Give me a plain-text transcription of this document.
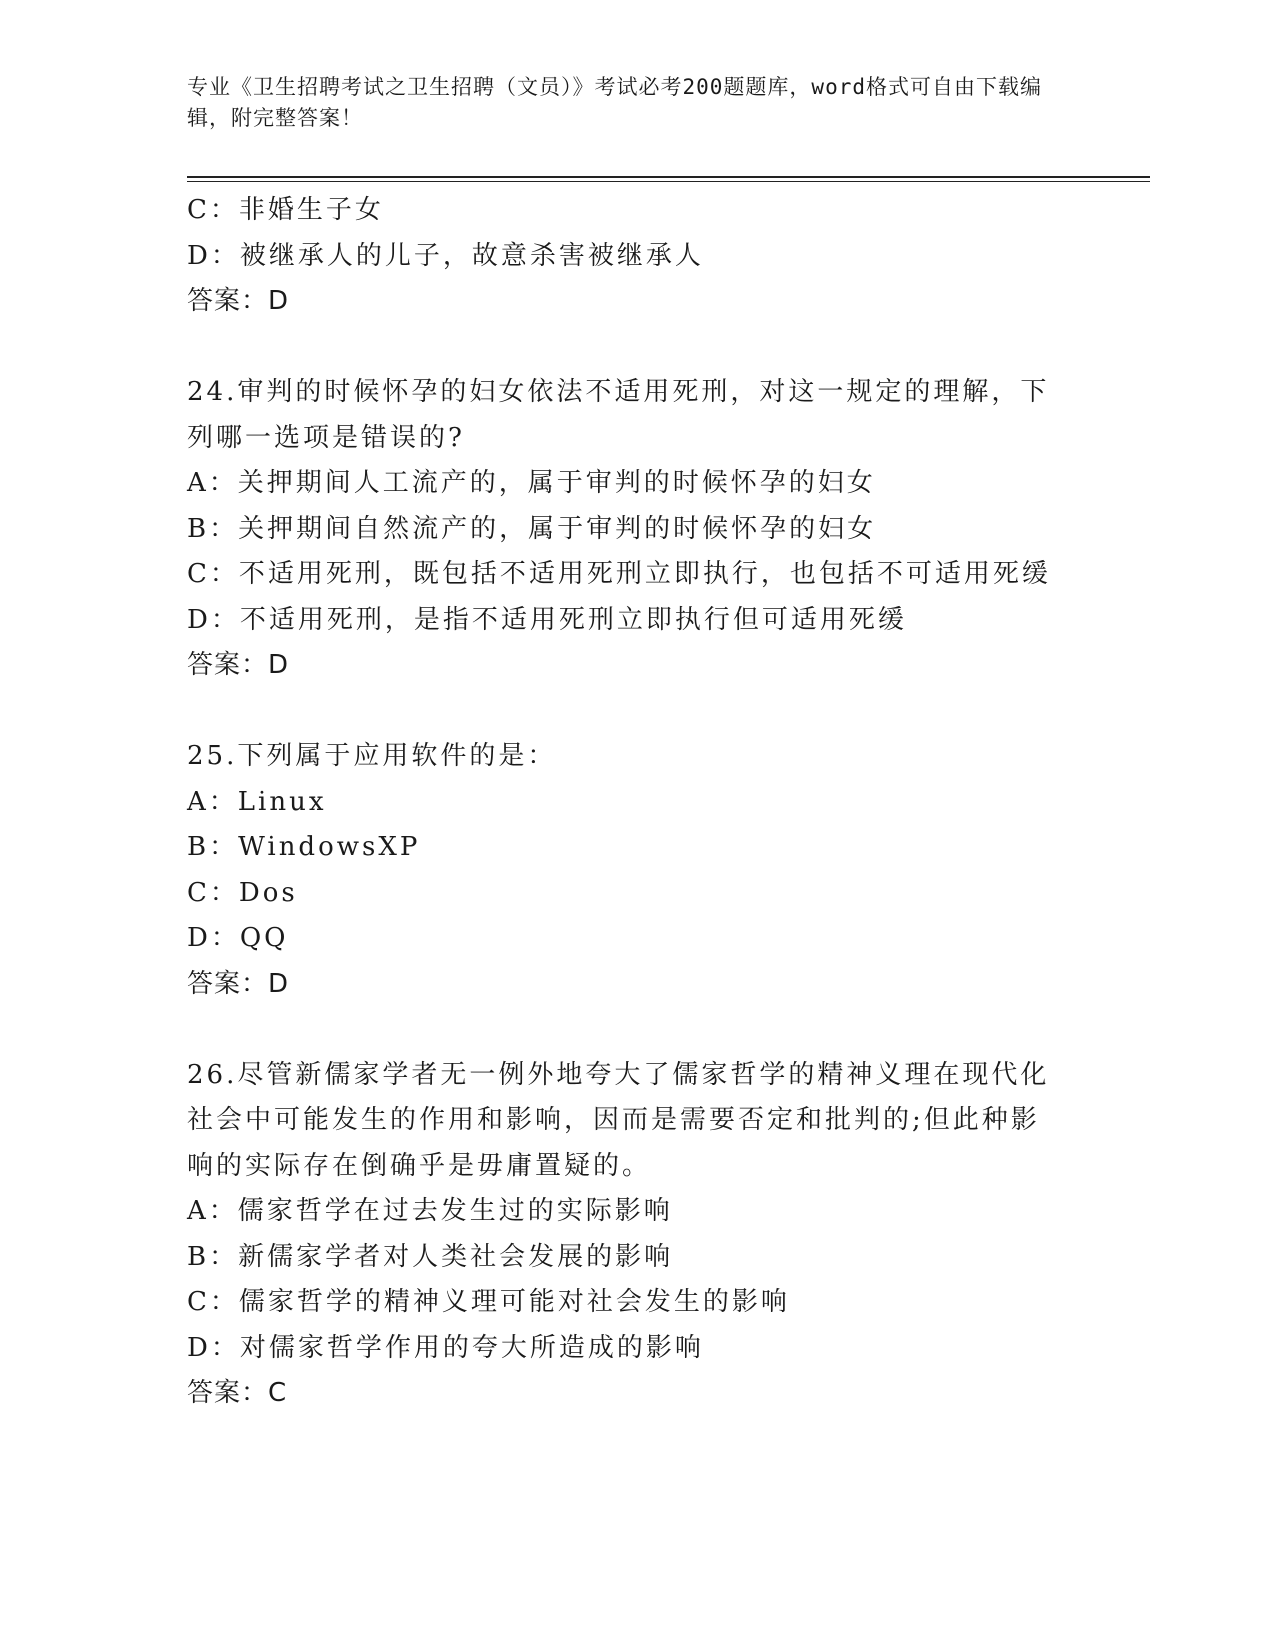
专业《卫生招聘考试之卫生招聘（文员）》考试必考200题题库，word格式可自由下载编辑，附完整答案！
C：非婚生子女
D：被继承人的儿子，故意杀害被继承人
答案：D
24.审判的时候怀孕的妇女依法不适用死刑，对这一规定的理解，下列哪一选项是错误的?
A：关押期间人工流产的，属于审判的时候怀孕的妇女
B：关押期间自然流产的，属于审判的时候怀孕的妇女
C：不适用死刑，既包括不适用死刑立即执行，也包括不可适用死缓
D：不适用死刑，是指不适用死刑立即执行但可适用死缓
答案：D
25.下列属于应用软件的是：
A：Linux
B：WindowsXP
C：Dos
D：QQ
答案：D
26.尽管新儒家学者无一例外地夸大了儒家哲学的精神义理在现代化社会中可能发生的作用和影响，因而是需要否定和批判的;但此种影响的实际存在倒确乎是毋庸置疑的。
A：儒家哲学在过去发生过的实际影响
B：新儒家学者对人类社会发展的影响
C：儒家哲学的精神义理可能对社会发生的影响
D：对儒家哲学作用的夸大所造成的影响
答案：C
